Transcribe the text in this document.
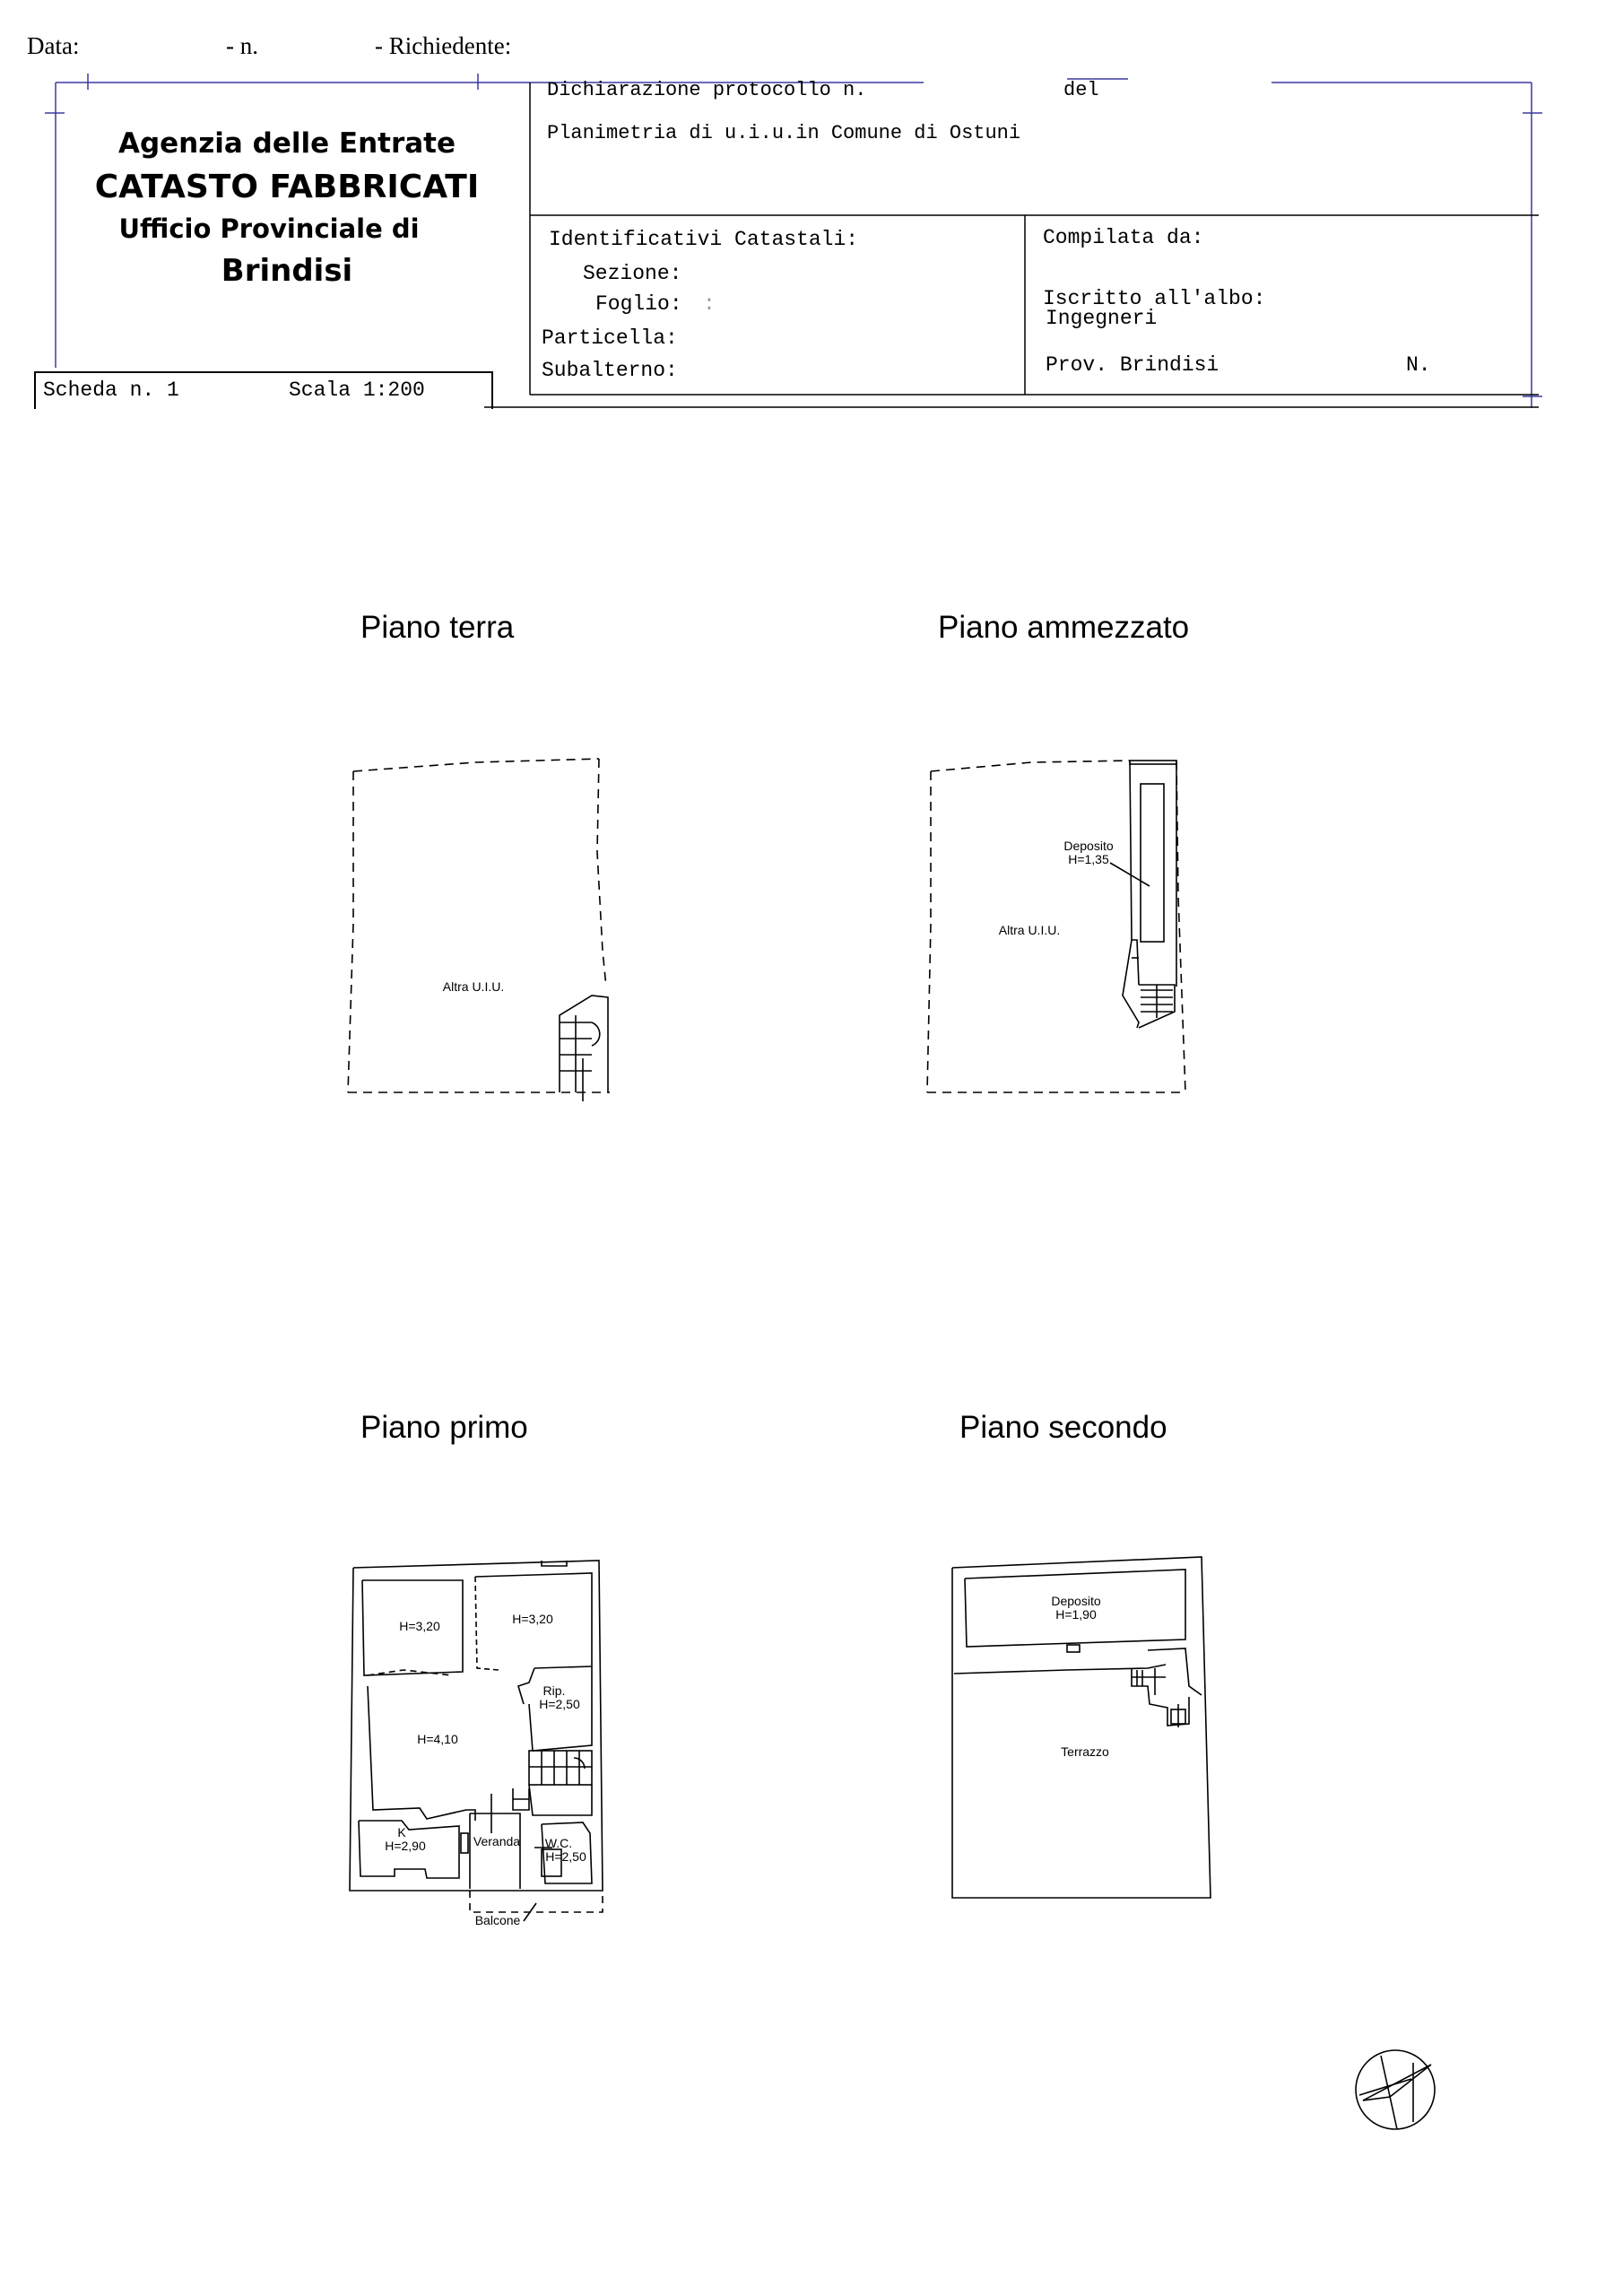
Data:	- n.	- Richiedente:
Agenzia delle Entrate
CATASTO FABBRICATI
Ufficio Provinciale di
Brindisi
Dichiarazione protocollo n.	del
Planimetria di u.i.u.in Comune di Ostuni
Identificativi Catastali:
Sezione:
Foglio: :
Particella:
Subalterno:
Compilata da:
Iscritto all'albo:
Ingegneri
Prov. Brindisi	N.
Scheda n. 1	Scala 1:200
Piano terra	Piano ammezzato
Piano primo	Piano secondo
Altra U.I.U.
Deposito
H=1,35
Altra U.I.U.
H=3,20	H=3,20
Rip.
H=2,50
H=4,10
K
H=2,90	Veranda	W.C.
H=2,50
Balcone
Deposito
H=1,90
Terrazzo
